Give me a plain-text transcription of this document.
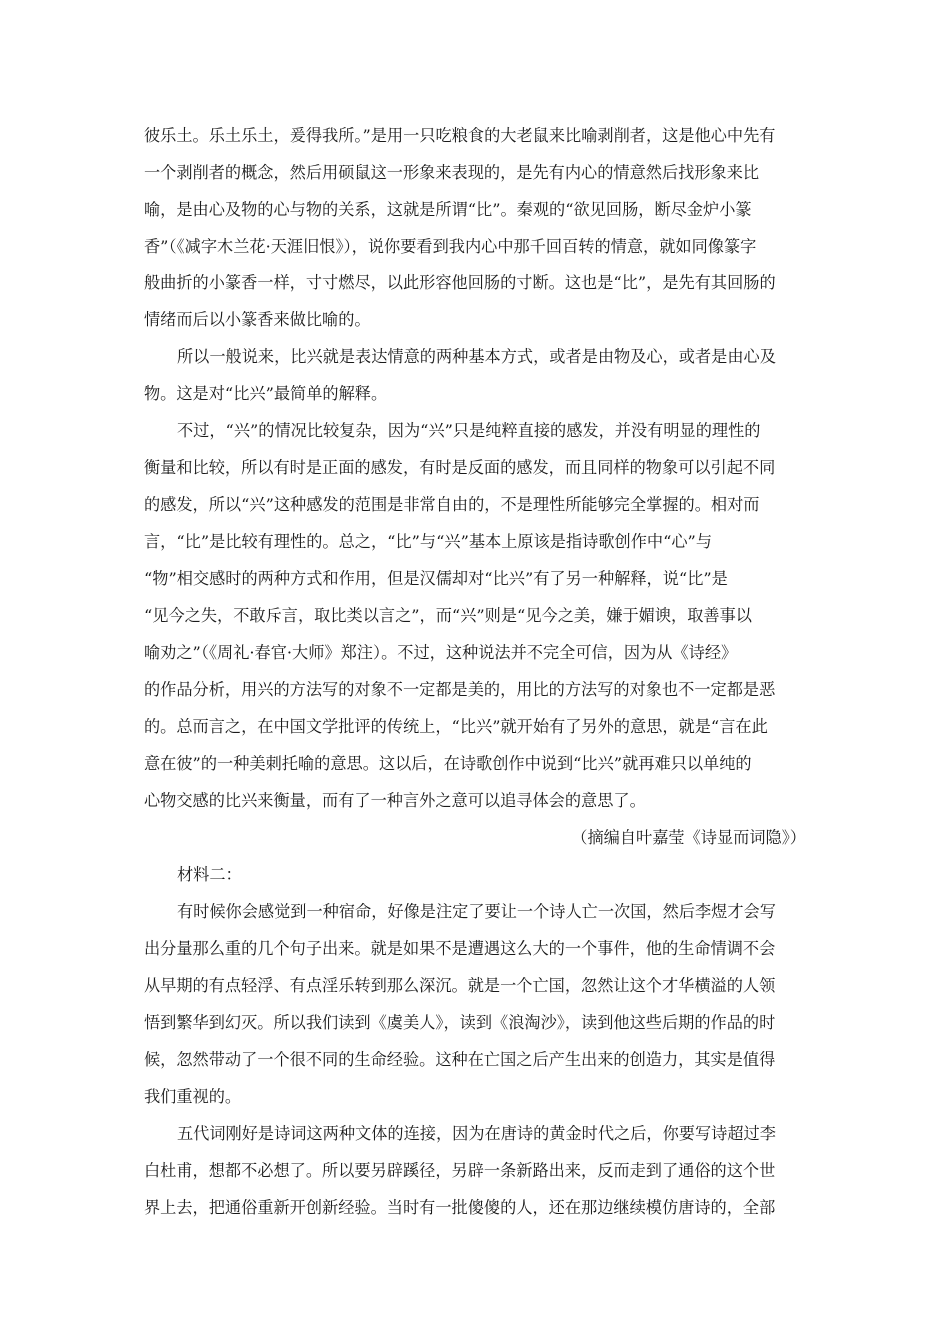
彼乐土。乐土乐土，爰得我所。”是用一只吃粮食的大老鼠来比喻剥削者，这是他心中先有
一个剥削者的概念，然后用硕鼠这一形象来表现的，是先有内心的情意然后找形象来比
喻，是由心及物的心与物的关系，这就是所谓“比”。秦观的“欲见回肠，断尽金炉小篆
香”（《减字木兰花·天涯旧恨》），说你要看到我内心中那千回百转的情意，就如同像篆字
般曲折的小篆香一样，寸寸燃尽，以此形容他回肠的寸断。这也是“比”，是先有其回肠的
情绪而后以小篆香来做比喻的。
所以一般说来，比兴就是表达情意的两种基本方式，或者是由物及心，或者是由心及
物。这是对“比兴”最简单的解释。
不过，“兴”的情况比较复杂，因为“兴”只是纯粹直接的感发，并没有明显的理性的
衡量和比较，所以有时是正面的感发，有时是反面的感发，而且同样的物象可以引起不同
的感发，所以“兴”这种感发的范围是非常自由的，不是理性所能够完全掌握的。相对而
言，“比”是比较有理性的。总之，“比”与“兴”基本上原该是指诗歌创作中“心”与
“物”相交感时的两种方式和作用，但是汉儒却对“比兴”有了另一种解释，说“比”是
“见今之失，不敢斥言，取比类以言之”，而“兴”则是“见今之美，嫌于媚谀，取善事以
喻劝之”（《周礼·春官·大师》郑注）。不过，这种说法并不完全可信，因为从《诗经》
的作品分析，用兴的方法写的对象不一定都是美的，用比的方法写的对象也不一定都是恶
的。总而言之，在中国文学批评的传统上，“比兴”就开始有了另外的意思，就是“言在此
意在彼”的一种美刺托喻的意思。这以后，在诗歌创作中说到“比兴”就再难只以单纯的
心物交感的比兴来衡量，而有了一种言外之意可以追寻体会的意思了。
（摘编自叶嘉莹《诗显而词隐》）
材料二：
有时候你会感觉到一种宿命，好像是注定了要让一个诗人亡一次国，然后李煜才会写
出分量那么重的几个句子出来。就是如果不是遭遇这么大的一个事件，他的生命情调不会
从早期的有点轻浮、有点淫乐转到那么深沉。就是一个亡国，忽然让这个才华横溢的人领
悟到繁华到幻灭。所以我们读到《虞美人》，读到《浪淘沙》，读到他这些后期的作品的时
候，忽然带动了一个很不同的生命经验。这种在亡国之后产生出来的创造力，其实是值得
我们重视的。
五代词刚好是诗词这两种文体的连接，因为在唐诗的黄金时代之后，你要写诗超过李
白杜甫，想都不必想了。所以要另辟蹊径，另辟一条新路出来，反而走到了通俗的这个世
界上去，把通俗重新开创新经验。当时有一批傻傻的人，还在那边继续模仿唐诗的，全部
